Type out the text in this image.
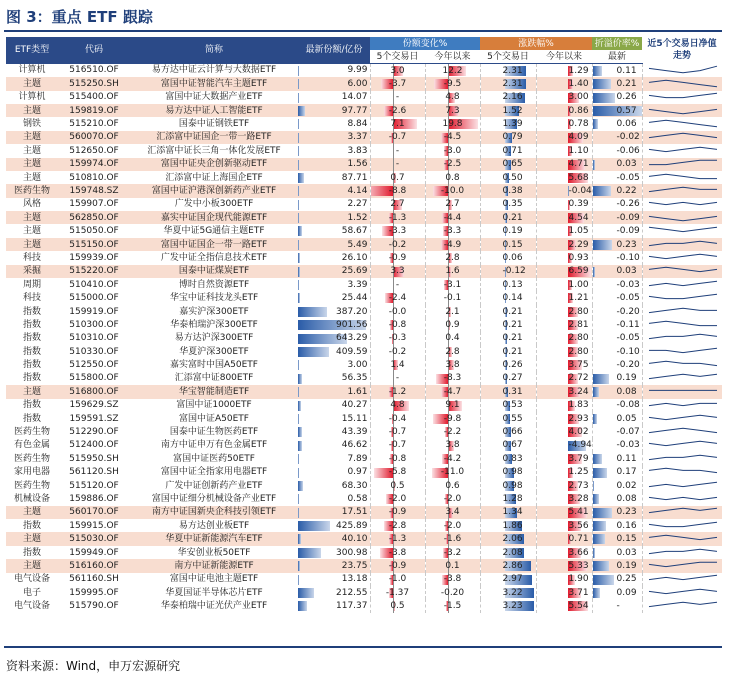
图 3：重点 ETF 跟踪
ETF类型	代码	简称	最新份额/亿份	份额变化%		涨跌幅%		折溢价率%	近5个交易日净值走势
				5个交易日	今年以来	5个交易日	今年以来	最新	
计算机	516510.OF	易方达中证云计算与大数据ETF	9.99	3.0	12.2	2.31	1.29	0.11

主题	515250.SH	富国中证智能汽车主题ETF	6.00	-3.7	-9.5	2.31	1.40	0.21

计算机	515400.OF	富国中证大数据产业ETF	14.07	-	4.8	2.16	3.00	0.26

主题	159819.OF	易方达中证人工智能ETF	97.77	-2.6	7.3	1.52	0.86	0.57

钢铁	515210.OF	国泰中证钢铁ETF	8.84	7.1	19.8	1.39	0.78	0.06

主题	560070.OF	汇添富中证国企一带一路ETF	3.37	-0.7	-4.5	0.79	4.09	-0.02

主题	512650.OF	汇添富中证长三角一体化发展ETF	3.83	-	-3.0	0.71	1.10	-0.06

主题	159974.OF	富国中证央企创新驱动ETF	1.56	-	-2.5	0.65	4.71	0.03

主题	510810.OF	汇添富中证上海国企ETF	87.71	0.7	0.8	0.50	5.68	-0.05

医药生物	159748.SZ	富国中证沪港深创新药产业ETF	4.14	-8.8	-10.0	0.38	-0.04	0.22

风格	159907.OF	广发中小板300ETF	2.27	2.7	2.7	0.35	0.39	-0.26

主题	562850.OF	嘉实中证国企现代能源ETF	1.52	-1.3	-4.4	0.21	4.54	-0.09

主题	515050.OF	华夏中证5G通信主题ETF	58.67	-3.3	-3.3	0.19	1.05	-0.09

主题	515150.OF	富国中证国企一带一路ETF	5.49	-0.2	-4.9	0.15	2.29	0.23

科技	159939.OF	广发中证全指信息技术ETF	26.10	-0.9	2.8	0.06	0.93	-0.10

采掘	515220.OF	国泰中证煤炭ETF	25.69	3.3	1.6	-0.12	6.59	0.03

周期	510410.OF	博时自然资源ETF	3.39	-	-3.1	0.13	1.00	-0.03

科技	515000.OF	华宝中证科技龙头ETF	25.44	-2.4	-0.1	0.14	1.21	-0.05

指数	159919.OF	嘉实沪深300ETF	387.20	-0.0	2.1	0.21	2.80	-0.20

指数	510300.OF	华泰柏瑞沪深300ETF	901.56	-0.8	0.9	0.21	2.81	-0.11

指数	510310.OF	易方达沪深300ETF	643.29	-0.3	0.4	0.21	2.80	-0.05

指数	510330.OF	华夏沪深300ETF	409.59	-0.2	2.8	0.21	2.80	-0.10

指数	512550.OF	嘉实富时中国A50ETF	3.00	1.4	3.8	0.26	3.75	-0.20

指数	515800.OF	汇添富中证800ETF	56.35	-	-8.3	0.27	2.72	0.19

主题	516800.OF	华宝智能制造ETF	1.61	-1.2	-4.7	0.31	3.24	0.08

指数	159629.SZ	富国中证1000ETF	40.27	4.8	9.1	0.53	1.83	-0.08

指数	159591.SZ	富国中证A50ETF	15.11	-0.4	-9.8	0.55	2.93	0.05

医药生物	512290.OF	国泰中证生物医药ETF	43.39	-0.7	-2.2	0.66	4.02	-0.07

有色金属	512400.OF	南方中证申万有色金属ETF	46.62	-0.7	3.8	0.67	-4.94	-0.03

医药生物	515950.SH	富国中证医药50ETF	7.89	-0.8	-4.2	0.83	3.79	0.11

家用电器	561120.SH	富国中证全指家用电器ETF	0.97	-5.8	-11.0	0.98	1.25	0.17

医药生物	515120.OF	广发中证创新药产业ETF	68.30	0.5	0.6	0.98	2.73	0.02

机械设备	159886.OF	富国中证细分机械设备产业ETF	0.58	-2.0	-2.0	1.28	3.28	0.08

主题	560170.OF	南方中证国新央企科技引领ETF	17.51	-0.9	3.4	1.34	5.41	0.23

指数	159915.OF	易方达创业板ETF	425.89	-2.8	-2.0	1.86	3.56	0.16

主题	515030.OF	华夏中证新能源汽车ETF	40.10	-1.3	-1.6	2.06	0.71	0.15

指数	159949.OF	华安创业板50ETF	300.98	-3.8	-3.2	2.08	3.66	0.03

主题	516160.OF	南方中证新能源ETF	23.75	-0.9	0.1	2.86	5.33	0.19

电气设备	561160.SH	富国中证电池主题ETF	13.18	-1.0	-3.8	2.97	1.90	0.25

电子	159995.OF	华夏国证半导体芯片ETF	212.55	-1.37	-0.20	3.22	3.71	0.09

电气设备	515790.OF	华泰柏瑞中证光伏产业ETF	117.37	0.5	-1.5	3.23	5.54	-

资料来源：Wind，申万宏源研究
